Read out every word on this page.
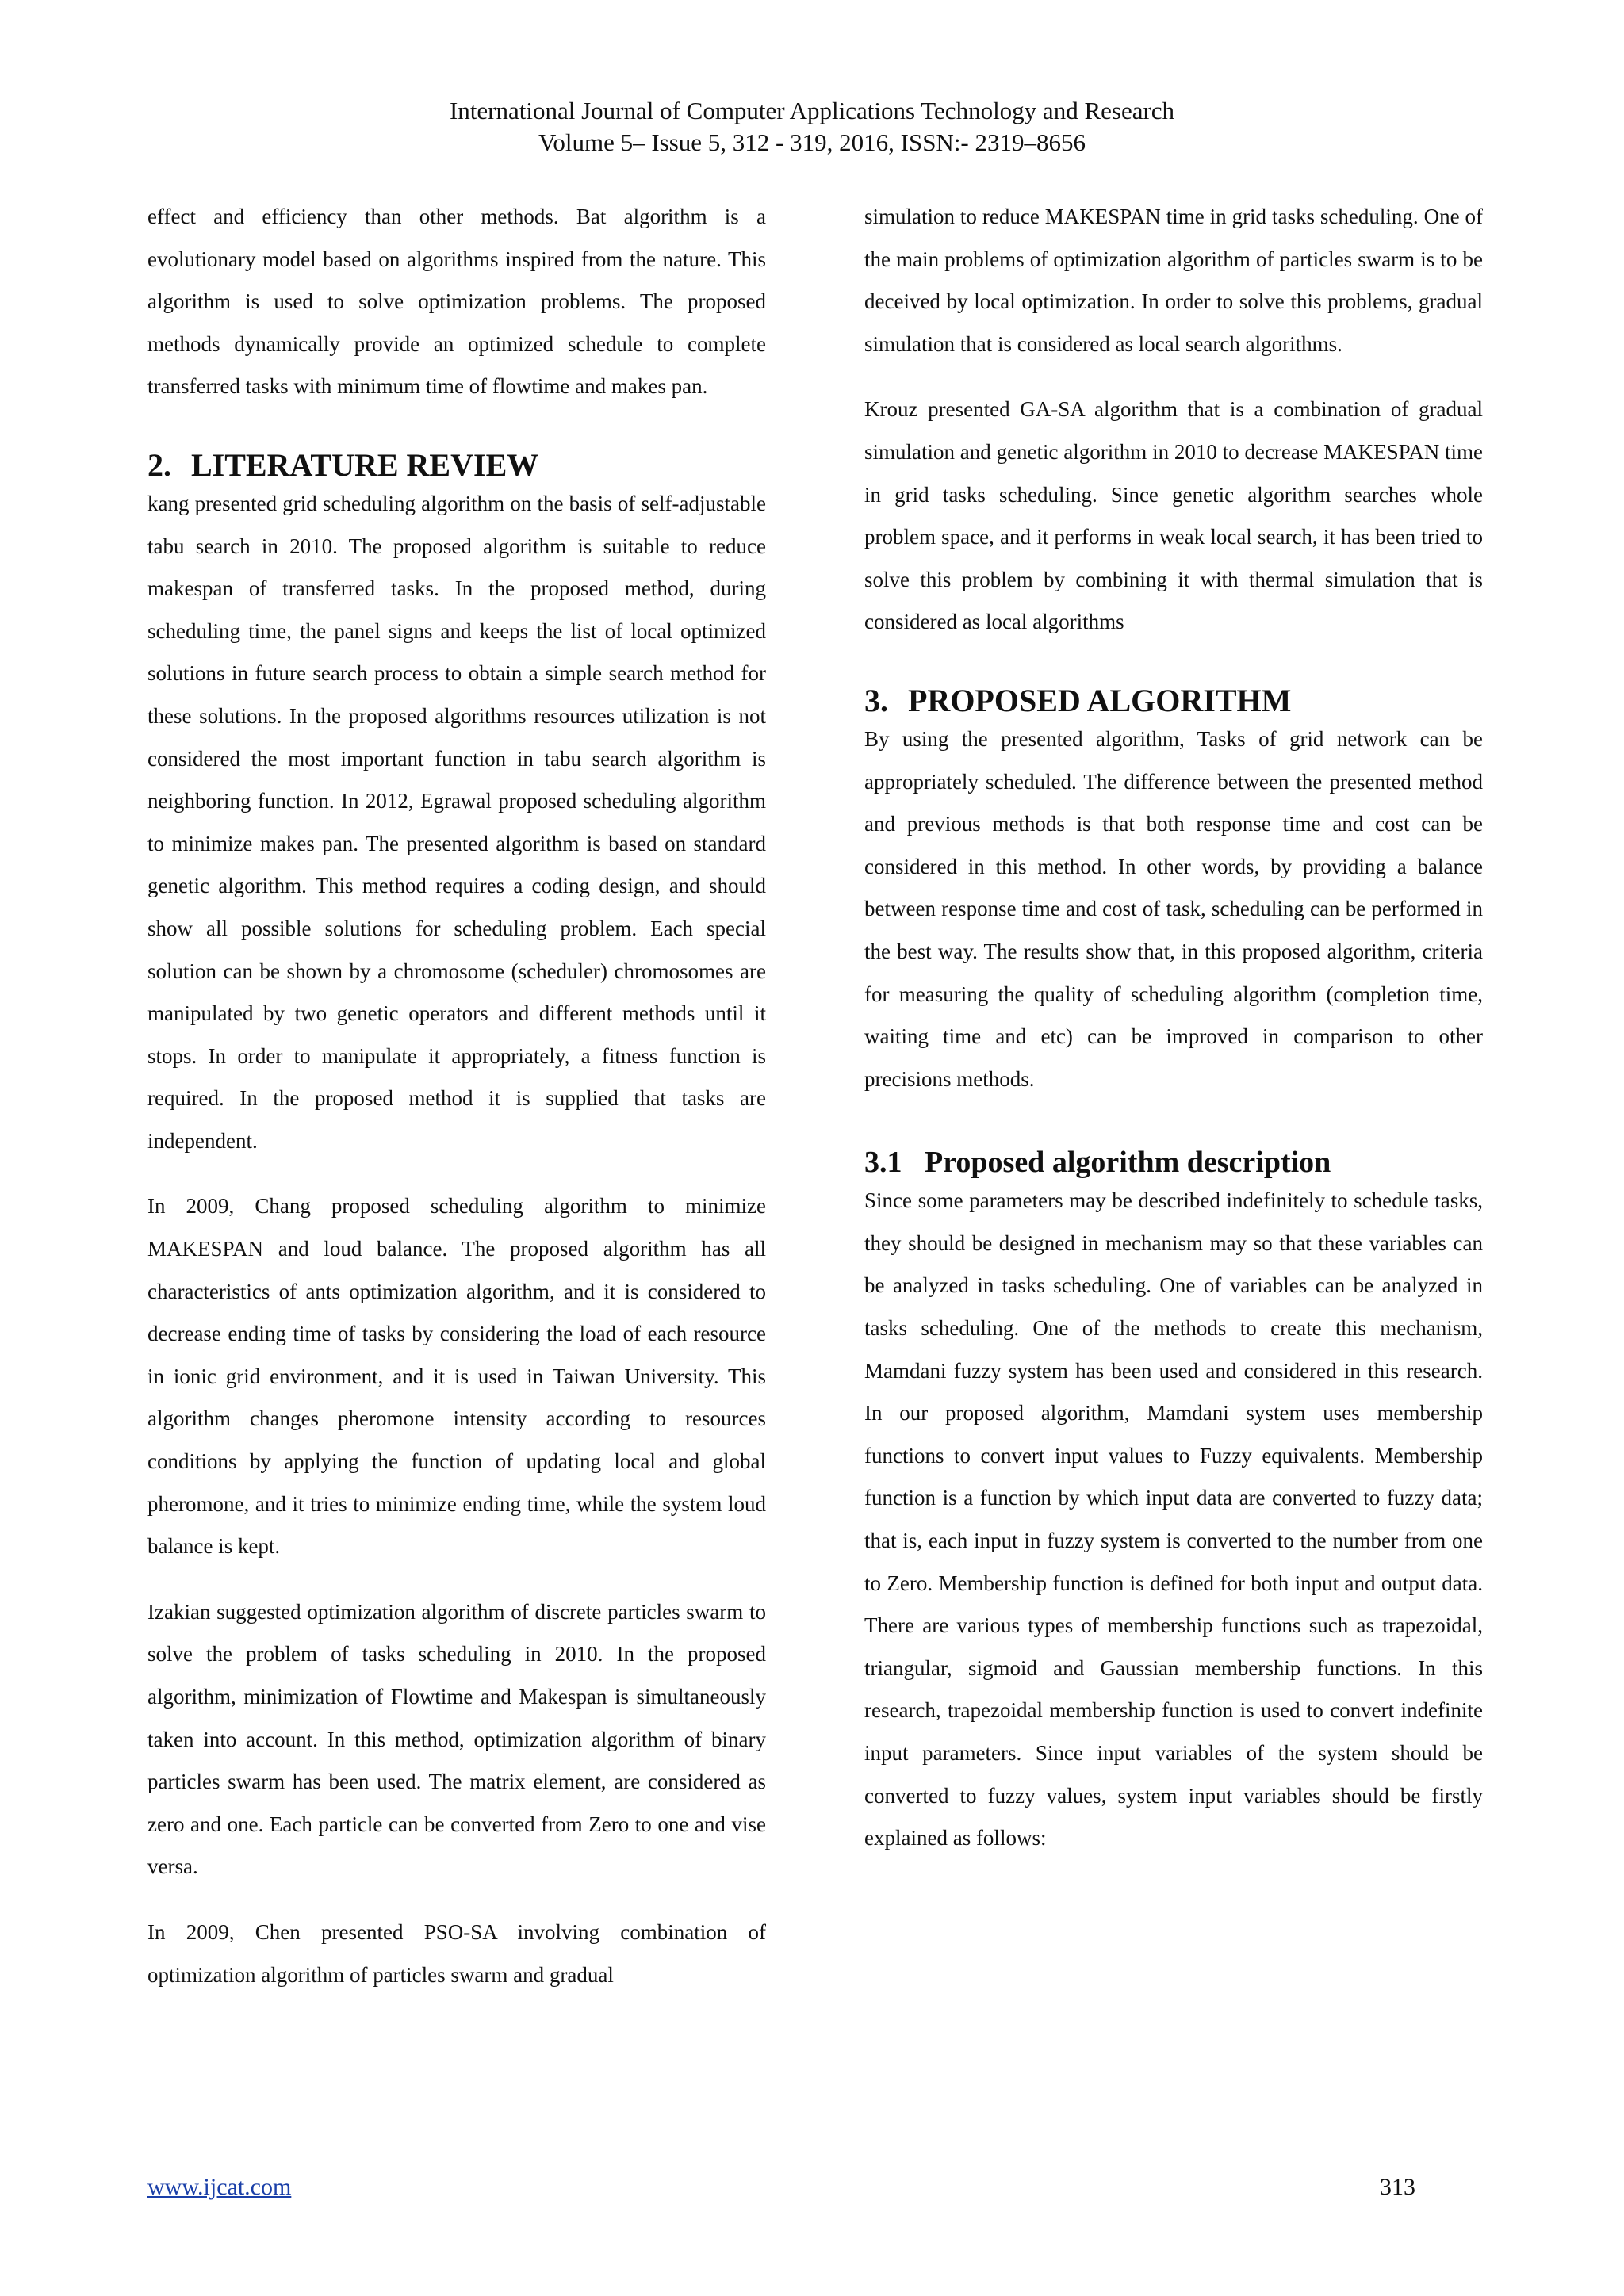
International Journal of Computer Applications Technology and Research
Volume 5– Issue 5, 312 - 319, 2016, ISSN:- 2319–8656

effect and efficiency than other methods. Bat algorithm is a evolutionary model based on algorithms inspired from the nature. This algorithm is used to solve optimization problems. The proposed methods dynamically provide an optimized schedule to complete transferred tasks with minimum time of flowtime and makes pan.

2. LITERATURE REVIEW

kang presented grid scheduling algorithm on the basis of self-adjustable tabu search in 2010. The proposed algorithm is suitable to reduce makespan of transferred tasks. In the proposed method, during scheduling time, the panel signs and keeps the list of local optimized solutions in future search process to obtain a simple search method for these solutions. In the proposed algorithms resources utilization is not considered the most important function in tabu search algorithm is neighboring function. In 2012, Egrawal proposed scheduling algorithm to minimize makes pan. The presented algorithm is based on standard genetic algorithm. This method requires a coding design, and should show all possible solutions for scheduling problem. Each special solution can be shown by a chromosome (scheduler) chromosomes are manipulated by two genetic operators and different methods until it stops. In order to manipulate it appropriately, a fitness function is required. In the proposed method it is supplied that tasks are independent.

In 2009, Chang proposed scheduling algorithm to minimize MAKESPAN and loud balance. The proposed algorithm has all characteristics of ants optimization algorithm, and it is considered to decrease ending time of tasks by considering the load of each resource in ionic grid environment, and it is used in Taiwan University. This algorithm changes pheromone intensity according to resources conditions by applying the function of updating local and global pheromone, and it tries to minimize ending time, while the system loud balance is kept.

Izakian suggested optimization algorithm of discrete particles swarm to solve the problem of tasks scheduling in 2010. In the proposed algorithm, minimization of Flowtime and Makespan is simultaneously taken into account. In this method, optimization algorithm of binary particles swarm has been used. The matrix element, are considered as zero and one. Each particle can be converted from Zero to one and vise versa.

In 2009, Chen presented PSO-SA involving combination of optimization algorithm of particles swarm and gradual

simulation to reduce MAKESPAN time in grid tasks scheduling. One of the main problems of optimization algorithm of particles swarm is to be deceived by local optimization. In order to solve this problems, gradual simulation that is considered as local search algorithms.

Krouz presented GA-SA algorithm that is a combination of gradual simulation and genetic algorithm in 2010 to decrease MAKESPAN time in grid tasks scheduling. Since genetic algorithm searches whole problem space, and it performs in weak local search, it has been tried to solve this problem by combining it with thermal simulation that is considered as local algorithms

3. PROPOSED ALGORITHM

By using the presented algorithm, Tasks of grid network can be appropriately scheduled. The difference between the presented method and previous methods is that both response time and cost can be considered in this method. In other words, by providing a balance between response time and cost of task, scheduling can be performed in the best way. The results show that, in this proposed algorithm, criteria for measuring the quality of scheduling algorithm (completion time, waiting time and etc) can be improved in comparison to other precisions methods.

3.1 Proposed algorithm description

Since some parameters may be described indefinitely to schedule tasks, they should be designed in mechanism may so that these variables can be analyzed in tasks scheduling. One of variables can be analyzed in tasks scheduling. One of the methods to create this mechanism, Mamdani fuzzy system has been used and considered in this research. In our proposed algorithm, Mamdani system uses membership functions to convert input values to Fuzzy equivalents. Membership function is a function by which input data are converted to fuzzy data; that is, each input in fuzzy system is converted to the number from one to Zero. Membership function is defined for both input and output data. There are various types of membership functions such as trapezoidal, triangular, sigmoid and Gaussian membership functions. In this research, trapezoidal membership function is used to convert indefinite input parameters. Since input variables of the system should be converted to fuzzy values, system input variables should be firstly explained as follows:

www.ijcat.com	313
